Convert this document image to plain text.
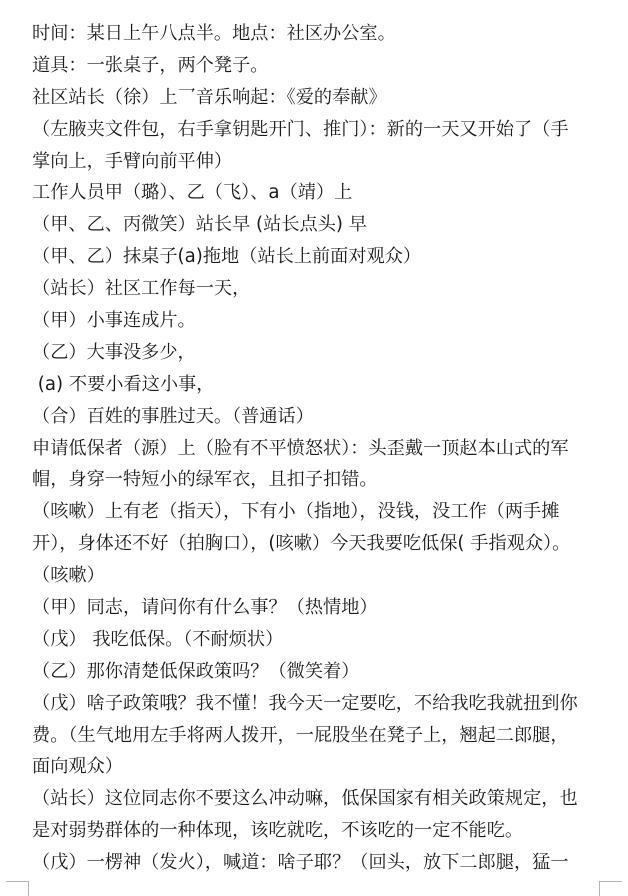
时间：某日上午八点半。地点：社区办公室。
道具：一张桌子，两个凳子。
社区站长（徐）上乛音乐响起：《爱的奉献》
（左腋夹文件包，右手拿钥匙开门、推门）：新的一天又开始了（手
掌向上，手臂向前平伸）
工作人员甲（璐）、乙（飞）、a（靖）上
（甲、乙、丙微笑）站长早 (站长点头) 早
（甲、乙）抹桌子(a)拖地（站长上前面对观众）
（站长）社区工作每一天，
（甲）小事连成片。
（乙）大事没多少，
(a) 不要小看这小事，
（合）百姓的事胜过天。（普通话）
申请低保者（源）上（脸有不平愤怒状）：头歪戴一顶赵本山式的军
帽，身穿一特短小的绿军衣，且扣子扣错。
（咳嗽）上有老（指天），下有小（指地），没钱，没工作（两手摊
开），身体还不好（拍胸口），(咳嗽）今天我要吃低保( 手指观众）。
（咳嗽）
（甲）同志，请问你有什么事？（热情地）
（戊） 我吃低保。（不耐烦状）
（乙）那你清楚低保政策吗？（微笑着）
（戊）啥子政策哦？我不懂！我今天一定要吃，不给我吃我就扭到你
费。（生气地用左手将两人拨开，一屁股坐在凳子上，翘起二郎腿，
面向观众）
（站长）这位同志你不要这么冲动嘛，低保国家有相关政策规定，也
是对弱势群体的一种体现，该吃就吃，不该吃的一定不能吃。
（戊）一楞神（发火），喊道：啥子耶？（回头，放下二郎腿，猛一
